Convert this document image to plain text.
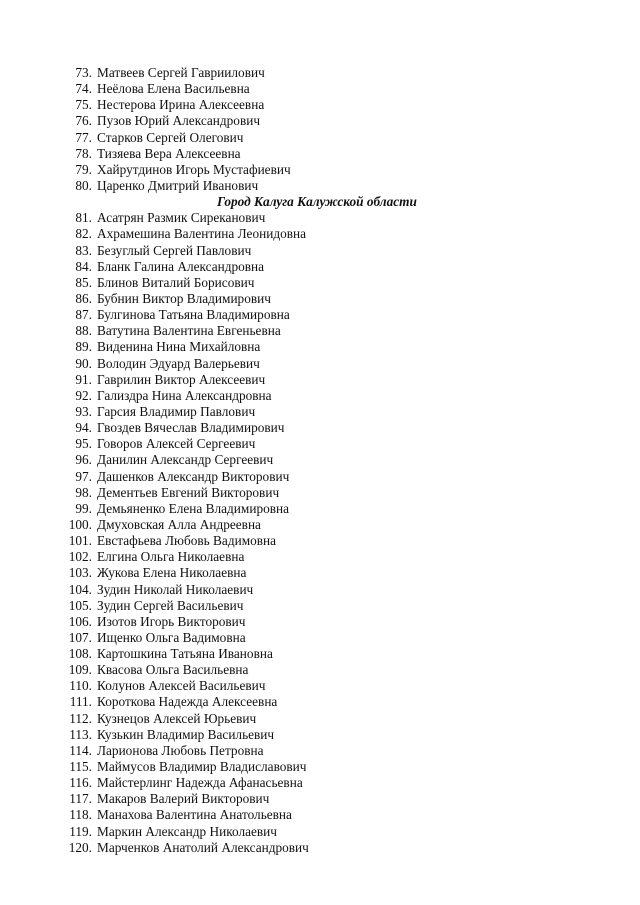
73. Матвеев Сергей Гавриилович
74. Неёлова Елена Васильевна
75. Нестерова Ирина Алексеевна
76. Пузов Юрий Александрович
77. Старков Сергей Олегович
78. Тизяева Вера Алексеевна
79. Хайрутдинов Игорь Мустафиевич
80. Царенко Дмитрий Иванович
Город Калуга Калужской области
81. Асатрян Размик Сиреканович
82. Ахрамешина Валентина Леонидовна
83. Безуглый Сергей Павлович
84. Бланк Галина Александровна
85. Блинов Виталий Борисович
86. Бубнин Виктор Владимирович
87. Булгинова Татьяна Владимировна
88. Ватутина Валентина Евгеньевна
89. Виденина Нина Михайловна
90. Володин Эдуард Валерьевич
91. Гаврилин Виктор Алексеевич
92. Гализдра Нина Александровна
93. Гарсия Владимир Павлович
94. Гвоздев Вячеслав Владимирович
95. Говоров Алексей Сергеевич
96. Данилин Александр Сергеевич
97. Дашенков Александр Викторович
98. Дементьев Евгений Викторович
99. Демьяненко Елена Владимировна
100. Дмуховская Алла Андреевна
101. Евстафьева Любовь Вадимовна
102. Елгина Ольга Николаевна
103. Жукова Елена Николаевна
104. Зудин Николай Николаевич
105. Зудин Сергей Васильевич
106. Изотов Игорь Викторович
107. Ищенко Ольга Вадимовна
108. Картошкина Татьяна Ивановна
109. Квасова Ольга Васильевна
110. Колунов Алексей Васильевич
111. Короткова Надежда Алексеевна
112. Кузнецов Алексей Юрьевич
113. Кузькин Владимир Васильевич
114. Ларионова Любовь Петровна
115. Маймусов Владимир Владиславович
116. Майстерлинг Надежда Афанасьевна
117. Макаров Валерий Викторович
118. Манахова Валентина Анатольевна
119. Маркин Александр Николаевич
120. Марченков Анатолий Александрович
